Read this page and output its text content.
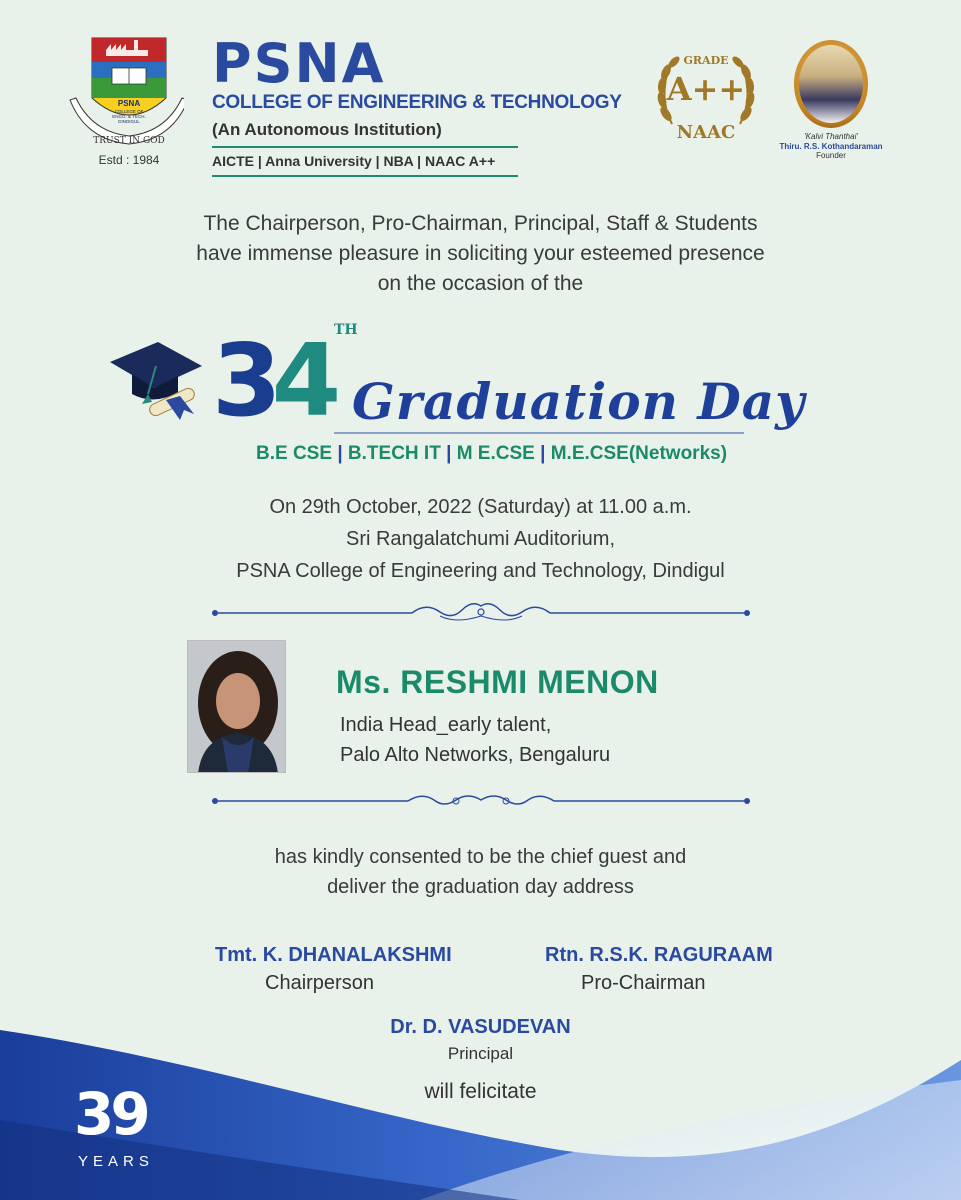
PSNA
COLLEGE OF
ENGG. & TECH.
DINDIGUL
TRUST IN GOD
Estd : 1984
PSNA
COLLEGE OF ENGINEERING & TECHNOLOGY
(An Autonomous Institution)
AICTE | Anna University | NBA | NAAC A++
GRADE
A++
NAAC	'Kalvi Thanthai'
Thiru. R.S. Kothandaraman
Founder
The Chairperson, Pro-Chairman, Principal, Staff & Students
have immense pleasure in soliciting your esteemed presence
on the occasion of the
34 TH
Graduation Day
B.E CSE | B.TECH IT | M E.CSE | M.E.CSE(Networks)
On 29th October, 2022 (Saturday) at 11.00 a.m.
Sri Rangalatchumi Auditorium,
PSNA College of Engineering and Technology, Dindigul
Ms. RESHMI MENON
India Head_early talent,
Palo Alto Networks, Bengaluru
has kindly consented to be the chief guest and
deliver the graduation day address
Tmt. K. DHANALAKSHMI
Chairperson
Rtn. R.S.K. RAGURAAM
Pro-Chairman
Dr. D. VASUDEVAN
Principal
will felicitate
39
YEARS
